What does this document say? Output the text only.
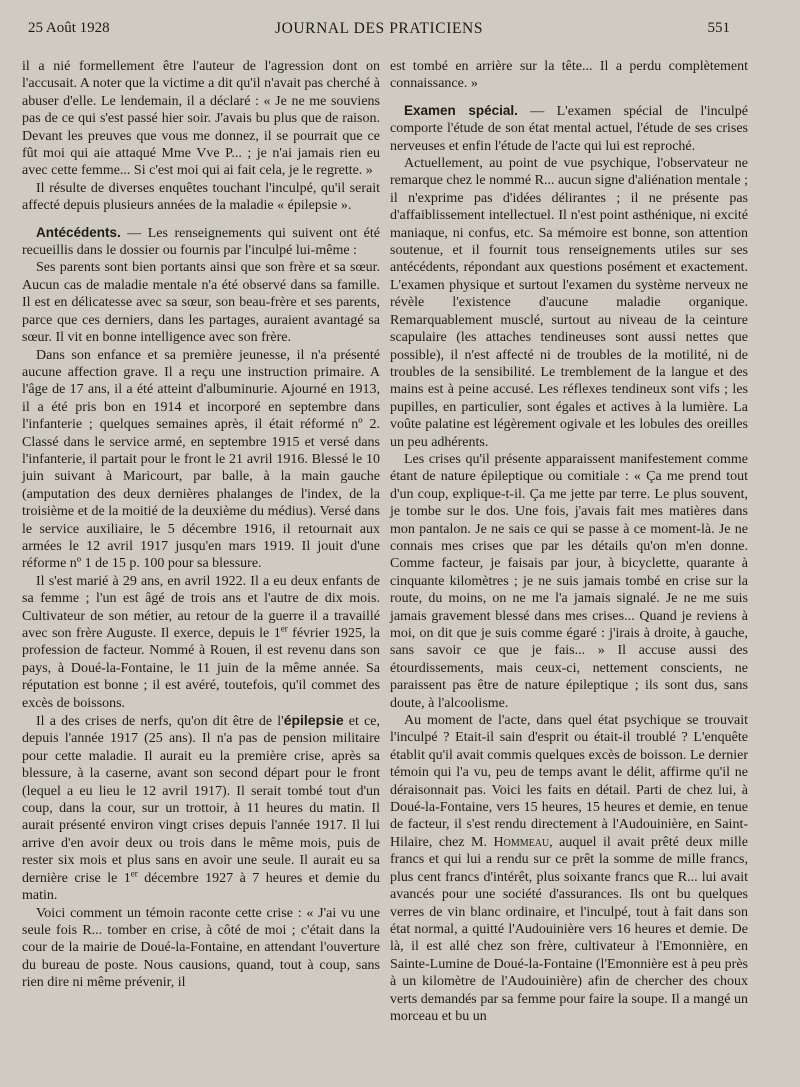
25 Août 1928	JOURNAL DES PRATICIENS	551

il a nié formellement être l'auteur de l'agression dont on l'accusait. A noter que la victime a dit qu'il n'avait pas cherché à abuser d'elle. Le lendemain, il a déclaré : « Je ne me souviens pas de ce qui s'est passé hier soir. J'avais bu plus que de raison. Devant les preuves que vous me donnez, il se pourrait que ce fût moi qui aie attaqué Mme Vve P... ; je n'ai jamais rien eu avec cette femme... Si c'est moi qui ai fait cela, je le regrette. »

Il résulte de diverses enquêtes touchant l'inculpé, qu'il serait affecté depuis plusieurs années de la maladie « épilepsie ».

Antécédents. — Les renseignements qui suivent ont été recueillis dans le dossier ou fournis par l'inculpé lui-même :

Ses parents sont bien portants ainsi que son frère et sa sœur. Aucun cas de maladie mentale n'a été observé dans sa famille. Il est en délicatesse avec sa sœur, son beau-frère et ses parents, parce que ces derniers, dans les partages, auraient avantagé sa sœur. Il vit en bonne intelligence avec son frère.

Dans son enfance et sa première jeunesse, il n'a présenté aucune affection grave. Il a reçu une instruction primaire. A l'âge de 17 ans, il a été atteint d'albuminurie. Ajourné en 1913, il a été pris bon en 1914 et incorporé en septembre dans l'infanterie ; quelques semaines après, il était réformé nº 2. Classé dans le service armé, en septembre 1915 et versé dans l'infanterie, il partait pour le front le 21 avril 1916. Blessé le 10 juin suivant à Maricourt, par balle, à la main gauche (amputation des deux dernières phalanges de l'index, de la troisième et de la moitié de la deuxième du médius). Versé dans le service auxiliaire, le 5 décembre 1916, il retournait aux armées le 12 avril 1917 jusqu'en mars 1919. Il jouit d'une réforme nº 1 de 15 p. 100 pour sa blessure.

Il s'est marié à 29 ans, en avril 1922. Il a eu deux enfants de sa femme ; l'un est âgé de trois ans et l'autre de dix mois. Cultivateur de son métier, au retour de la guerre il a travaillé avec son frère Auguste. Il exerce, depuis le 1er février 1925, la profession de facteur. Nommé à Rouen, il est revenu dans son pays, à Doué-la-Fontaine, le 11 juin de la même année. Sa réputation est bonne ; il est avéré, toutefois, qu'il commet des excès de boissons.

Il a des crises de nerfs, qu'on dit être de l'épilepsie et ce, depuis l'année 1917 (25 ans). Il n'a pas de pension militaire pour cette maladie. Il aurait eu la première crise, après sa blessure, à la caserne, avant son second départ pour le front (lequel a eu lieu le 12 avril 1917). Il serait tombé tout d'un coup, dans la cour, sur un trottoir, à 11 heures du matin. Il aurait présenté environ vingt crises depuis l'année 1917. Il lui arrive d'en avoir deux ou trois dans le même mois, puis de rester six mois et plus sans en avoir une seule. Il aurait eu sa dernière crise le 1er décembre 1927 à 7 heures et demie du matin.

Voici comment un témoin raconte cette crise : « J'ai vu une seule fois R... tomber en crise, à côté de moi ; c'était dans la cour de la mairie de Doué-la-Fontaine, en attendant l'ouverture du bureau de poste. Nous causions, quand, tout à coup, sans rien dire ni même prévenir, il

est tombé en arrière sur la tête... Il a perdu complètement connaissance. »

Examen spécial. — L'examen spécial de l'inculpé comporte l'étude de son état mental actuel, l'étude de ses crises nerveuses et enfin l'étude de l'acte qui lui est reproché.

Actuellement, au point de vue psychique, l'observateur ne remarque chez le nommé R... aucun signe d'aliénation mentale ; il n'exprime pas d'idées délirantes ; il ne présente pas d'affaiblissement intellectuel. Il n'est point asthénique, ni excité maniaque, ni confus, etc. Sa mémoire est bonne, son attention soutenue, et il fournit tous renseignements utiles sur ses antécédents, répondant aux questions posément et exactement. L'examen physique et surtout l'examen du système nerveux ne révèle l'existence d'aucune maladie organique. Remarquablement musclé, surtout au niveau de la ceinture scapulaire (les attaches tendineuses sont aussi nettes que possible), il n'est affecté ni de troubles de la motilité, ni de troubles de la sensibilité. Le tremblement de la langue et des mains est à peine accusé. Les réflexes tendineux sont vifs ; les pupilles, en particulier, sont égales et actives à la lumière. La voûte palatine est légèrement ogivale et les lobules des oreilles un peu adhérents.

Les crises qu'il présente apparaissent manifestement comme étant de nature épileptique ou comitiale : « Ça me prend tout d'un coup, explique-t-il. Ça me jette par terre. Le plus souvent, je tombe sur le dos. Une fois, j'avais fait mes matières dans mon pantalon. Je ne sais ce qui se passe à ce moment-là. Je ne connais mes crises que par les détails qu'on m'en donne. Comme facteur, je faisais par jour, à bicyclette, quarante à cinquante kilomètres ; je ne suis jamais tombé en crise sur la route, du moins, on ne me l'a jamais signalé. Je ne me suis jamais gravement blessé dans mes crises... Quand je reviens à moi, on dit que je suis comme égaré : j'irais à droite, à gauche, sans savoir ce que je fais... » Il accuse aussi des étourdissements, mais ceux-ci, nettement conscients, ne paraissent pas être de nature épileptique ; ils sont dus, sans doute, à l'alcoolisme.

Au moment de l'acte, dans quel état psychique se trouvait l'inculpé ? Etait-il sain d'esprit ou était-il troublé ? L'enquête établit qu'il avait commis quelques excès de boisson. Le dernier témoin qui l'a vu, peu de temps avant le délit, affirme qu'il ne déraisonnait pas. Voici les faits en détail. Parti de chez lui, à Doué-la-Fontaine, vers 15 heures, 15 heures et demie, en tenue de facteur, il s'est rendu directement à l'Audouinière, en Saint-Hilaire, chez M. Hommeau, auquel il avait prêté deux mille francs et qui lui a rendu sur ce prêt la somme de mille francs, plus cent francs d'intérêt, plus soixante francs que R... lui avait avancés pour une société d'assurances. Ils ont bu quelques verres de vin blanc ordinaire, et l'inculpé, tout à fait dans son état normal, a quitté l'Audouinière vers 16 heures et demie. De là, il est allé chez son frère, cultivateur à l'Emonnière, en Sainte-Lumine de Doué-la-Fontaine (l'Emonnière est à peu près à un kilomètre de l'Audouinière) afin de chercher des choux verts demandés par sa femme pour faire la soupe. Il a mangé un morceau et bu un
